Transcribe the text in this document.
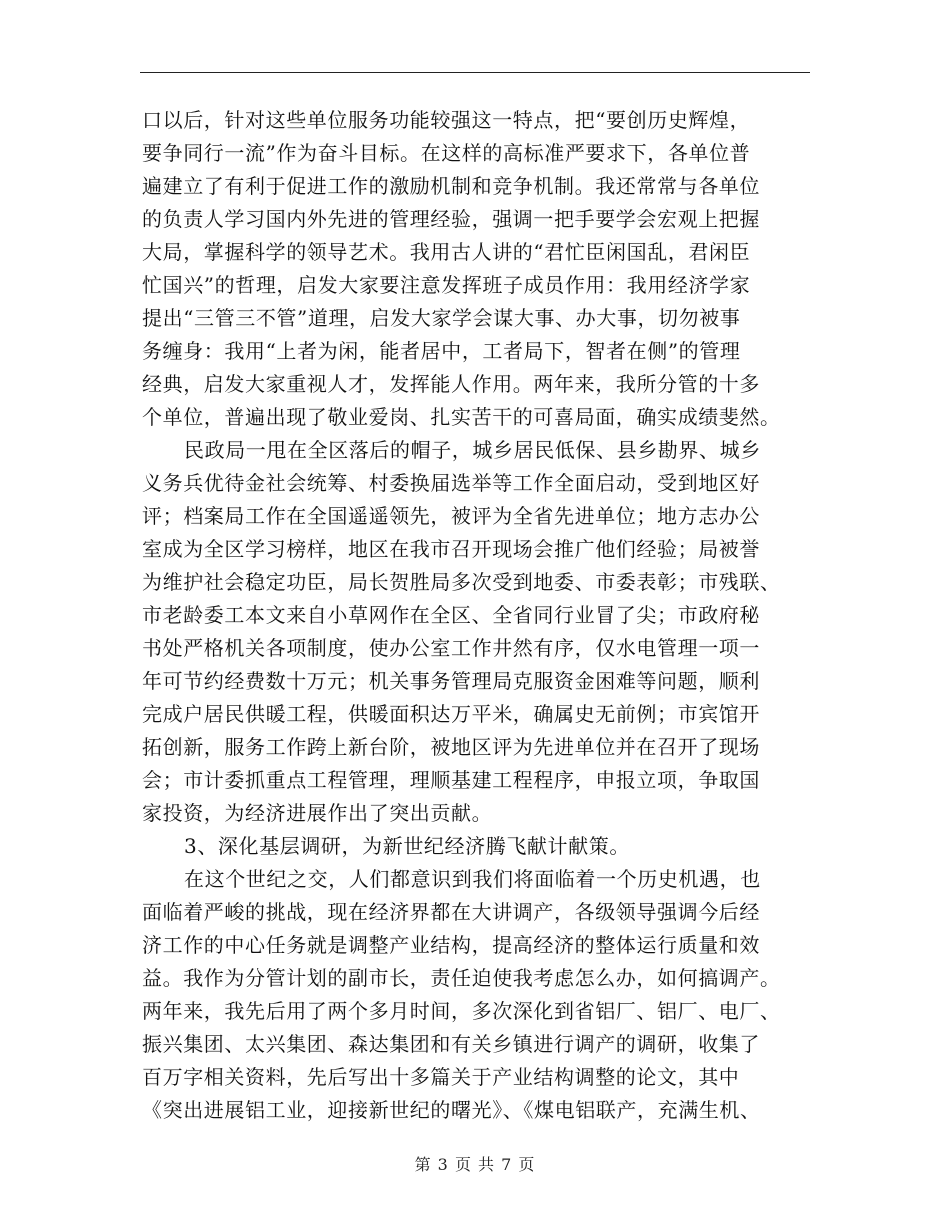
口以后，针对这些单位服务功能较强这一特点，把“要创历史辉煌，
要争同行一流”作为奋斗目标。在这样的高标准严要求下，各单位普
遍建立了有利于促进工作的激励机制和竞争机制。我还常常与各单位
的负责人学习国内外先进的管理经验，强调一把手要学会宏观上把握
大局，掌握科学的领导艺术。我用古人讲的“君忙臣闲国乱，君闲臣
忙国兴”的哲理，启发大家要注意发挥班子成员作用：我用经济学家
提出“三管三不管”道理，启发大家学会谋大事、办大事，切勿被事
务缠身：我用“上者为闲，能者居中，工者局下，智者在侧”的管理
经典，启发大家重视人才，发挥能人作用。两年来，我所分管的十多
个单位，普遍出现了敬业爱岗、扎实苦干的可喜局面，确实成绩斐然。
民政局一甩在全区落后的帽子，城乡居民低保、县乡勘界、城乡
义务兵优待金社会统筹、村委换届选举等工作全面启动，受到地区好
评；档案局工作在全国遥遥领先，被评为全省先进单位；地方志办公
室成为全区学习榜样，地区在我市召开现场会推广他们经验；局被誉
为维护社会稳定功臣，局长贺胜局多次受到地委、市委表彰；市残联、
市老龄委工本文来自小草网作在全区、全省同行业冒了尖；市政府秘
书处严格机关各项制度，使办公室工作井然有序，仅水电管理一项一
年可节约经费数十万元；机关事务管理局克服资金困难等问题，顺利
完成户居民供暖工程，供暖面积达万平米，确属史无前例；市宾馆开
拓创新，服务工作跨上新台阶，被地区评为先进单位并在召开了现场
会；市计委抓重点工程管理，理顺基建工程程序，申报立项，争取国
家投资，为经济进展作出了突出贡献。
3、深化基层调研，为新世纪经济腾飞献计献策。
在这个世纪之交，人们都意识到我们将面临着一个历史机遇，也
面临着严峻的挑战，现在经济界都在大讲调产，各级领导强调今后经
济工作的中心任务就是调整产业结构，提高经济的整体运行质量和效
益。我作为分管计划的副市长，责任迫使我考虑怎么办，如何搞调产。
两年来，我先后用了两个多月时间，多次深化到省铝厂、铝厂、电厂、
振兴集团、太兴集团、森达集团和有关乡镇进行调产的调研，收集了
百万字相关资料，先后写出十多篇关于产业结构调整的论文，其中
《突出进展铝工业，迎接新世纪的曙光》、《煤电铝联产，充满生机、
第 3 页 共 7 页
